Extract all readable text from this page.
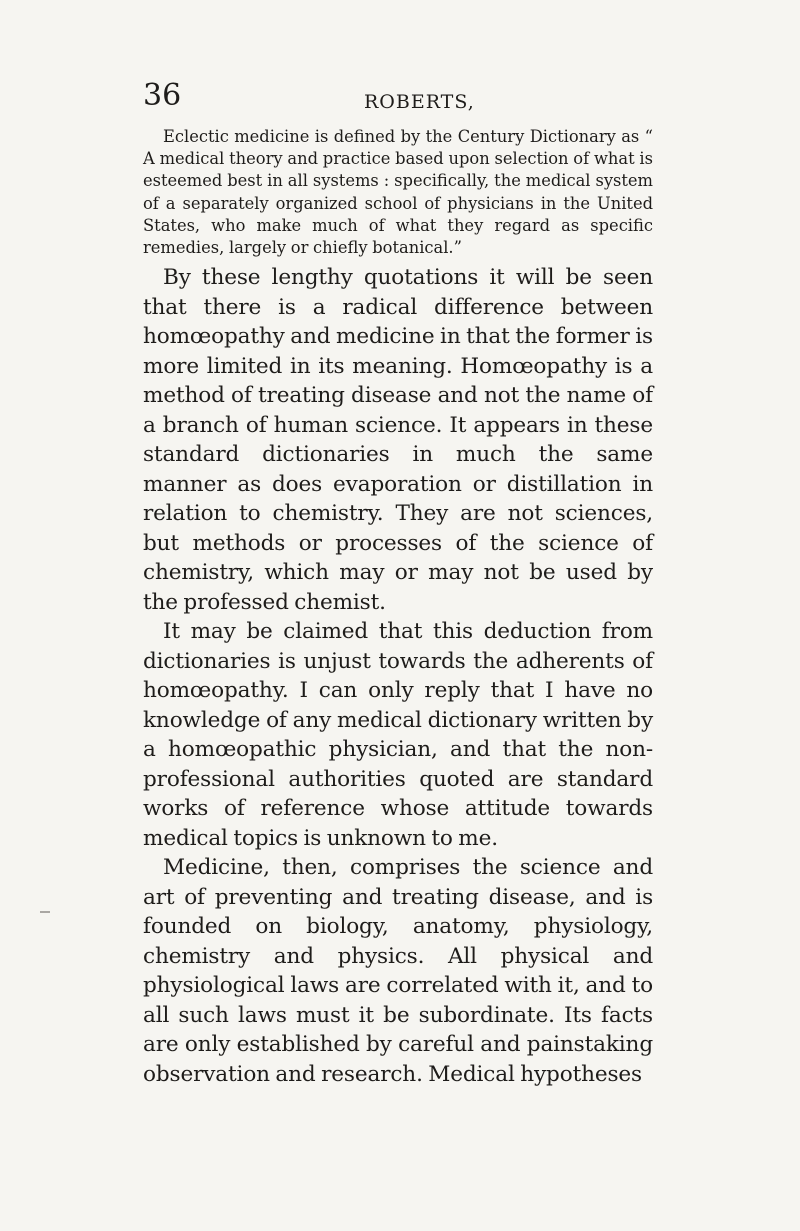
36	ROBERTS,

Eclectic medicine is defined by the Century Dictionary as “ A medical theory and practice based upon selection of what is esteemed best in all systems : specifically, the medical system of a separately organized school of physicians in the United States, who make much of what they regard as specific remedies, largely or chiefly botanical.”

By these lengthy quotations it will be seen that there is a radical difference between homœopathy and medicine in that the former is more limited in its meaning. Homœopathy is a method of treating disease and not the name of a branch of human science. It appears in these standard dictionaries in much the same manner as does evaporation or distillation in relation to chemistry. They are not sciences, but methods or processes of the science of chemistry, which may or may not be used by the professed chemist.

It may be claimed that this deduction from dictionaries is unjust towards the adherents of homœopathy. I can only reply that I have no knowledge of any medical dictionary written by a homœopathic physician, and that the non-professional authorities quoted are standard works of reference whose attitude towards medical topics is unknown to me.

Medicine, then, comprises the science and art of preventing and treating disease, and is founded on biology, anatomy, physiology, chemistry and physics. All physical and physiological laws are correlated with it, and to all such laws must it be subordinate. Its facts are only established by careful and painstaking observation and research. Medical hypotheses
